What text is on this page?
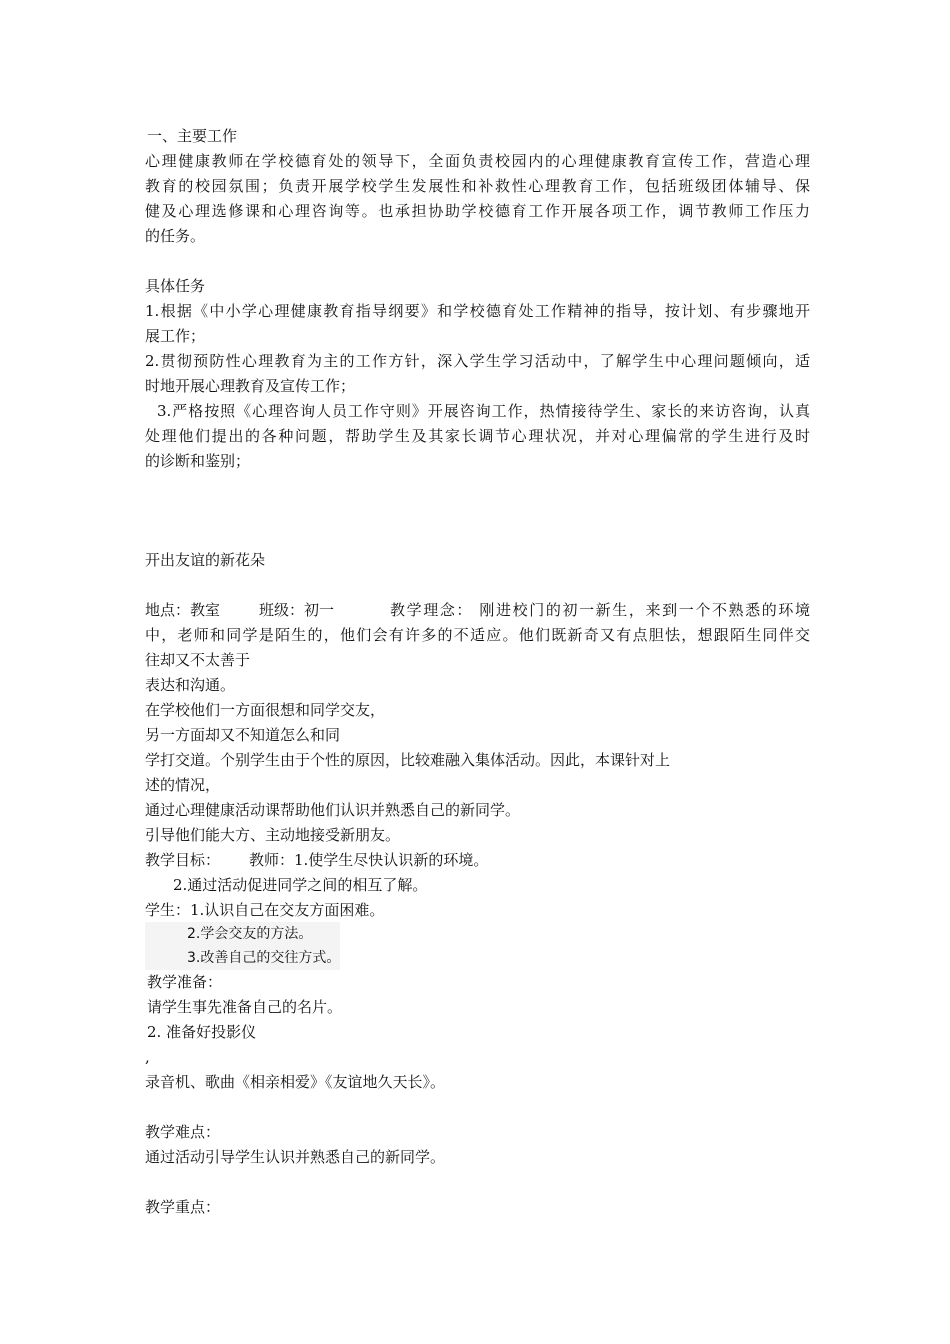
一、主要工作
心理健康教师在学校德育处的领导下，全面负责校园内的心理健康教育宣传工作，营造心理
教育的校园氛围；负责开展学校学生发展性和补救性心理教育工作，包括班级团体辅导、保
健及心理选修课和心理咨询等。也承担协助学校德育工作开展各项工作，调节教师工作压力
的任务。
具体任务
1.根据《中小学心理健康教育指导纲要》和学校德育处工作精神的指导，按计划、有步骤地开
展工作；
2.贯彻预防性心理教育为主的工作方针，深入学生学习活动中，了解学生中心理问题倾向，适
时地开展心理教育及宣传工作；
3.严格按照《心理咨询人员工作守则》开展咨询工作，热情接待学生、家长的来访咨询，认真
处理他们提出的各种问题，帮助学生及其家长调节心理状况，并对心理偏常的学生进行及时
的诊断和鉴别；
开出友谊的新花朵
地点：教室	班级：初一	教学理念： 刚进校门的初一新生，来到一个不熟悉的环境
中，老师和同学是陌生的，他们会有许多的不适应。他们既新奇又有点胆怯，想跟陌生同伴交
往却又不太善于
表达和沟通。
在学校他们一方面很想和同学交友，
另一方面却又不知道怎么和同
学打交道。个别学生由于个性的原因，比较难融入集体活动。因此，本课针对上
述的情况，
通过心理健康活动课帮助他们认识并熟悉自己的新同学。
引导他们能大方、主动地接受新朋友。
教学目标：	教师：1.使学生尽快认识新的环境。
2.通过活动促进同学之间的相互了解。
学生：1.认识自己在交友方面困难。
2.学会交友的方法。
3.改善自己的交往方式。
教学准备：
请学生事先准备自己的名片。
2. 准备好投影仪
,
录音机、歌曲《相亲相爱》《友谊地久天长》。
教学难点：
通过活动引导学生认识并熟悉自己的新同学。
教学重点：
